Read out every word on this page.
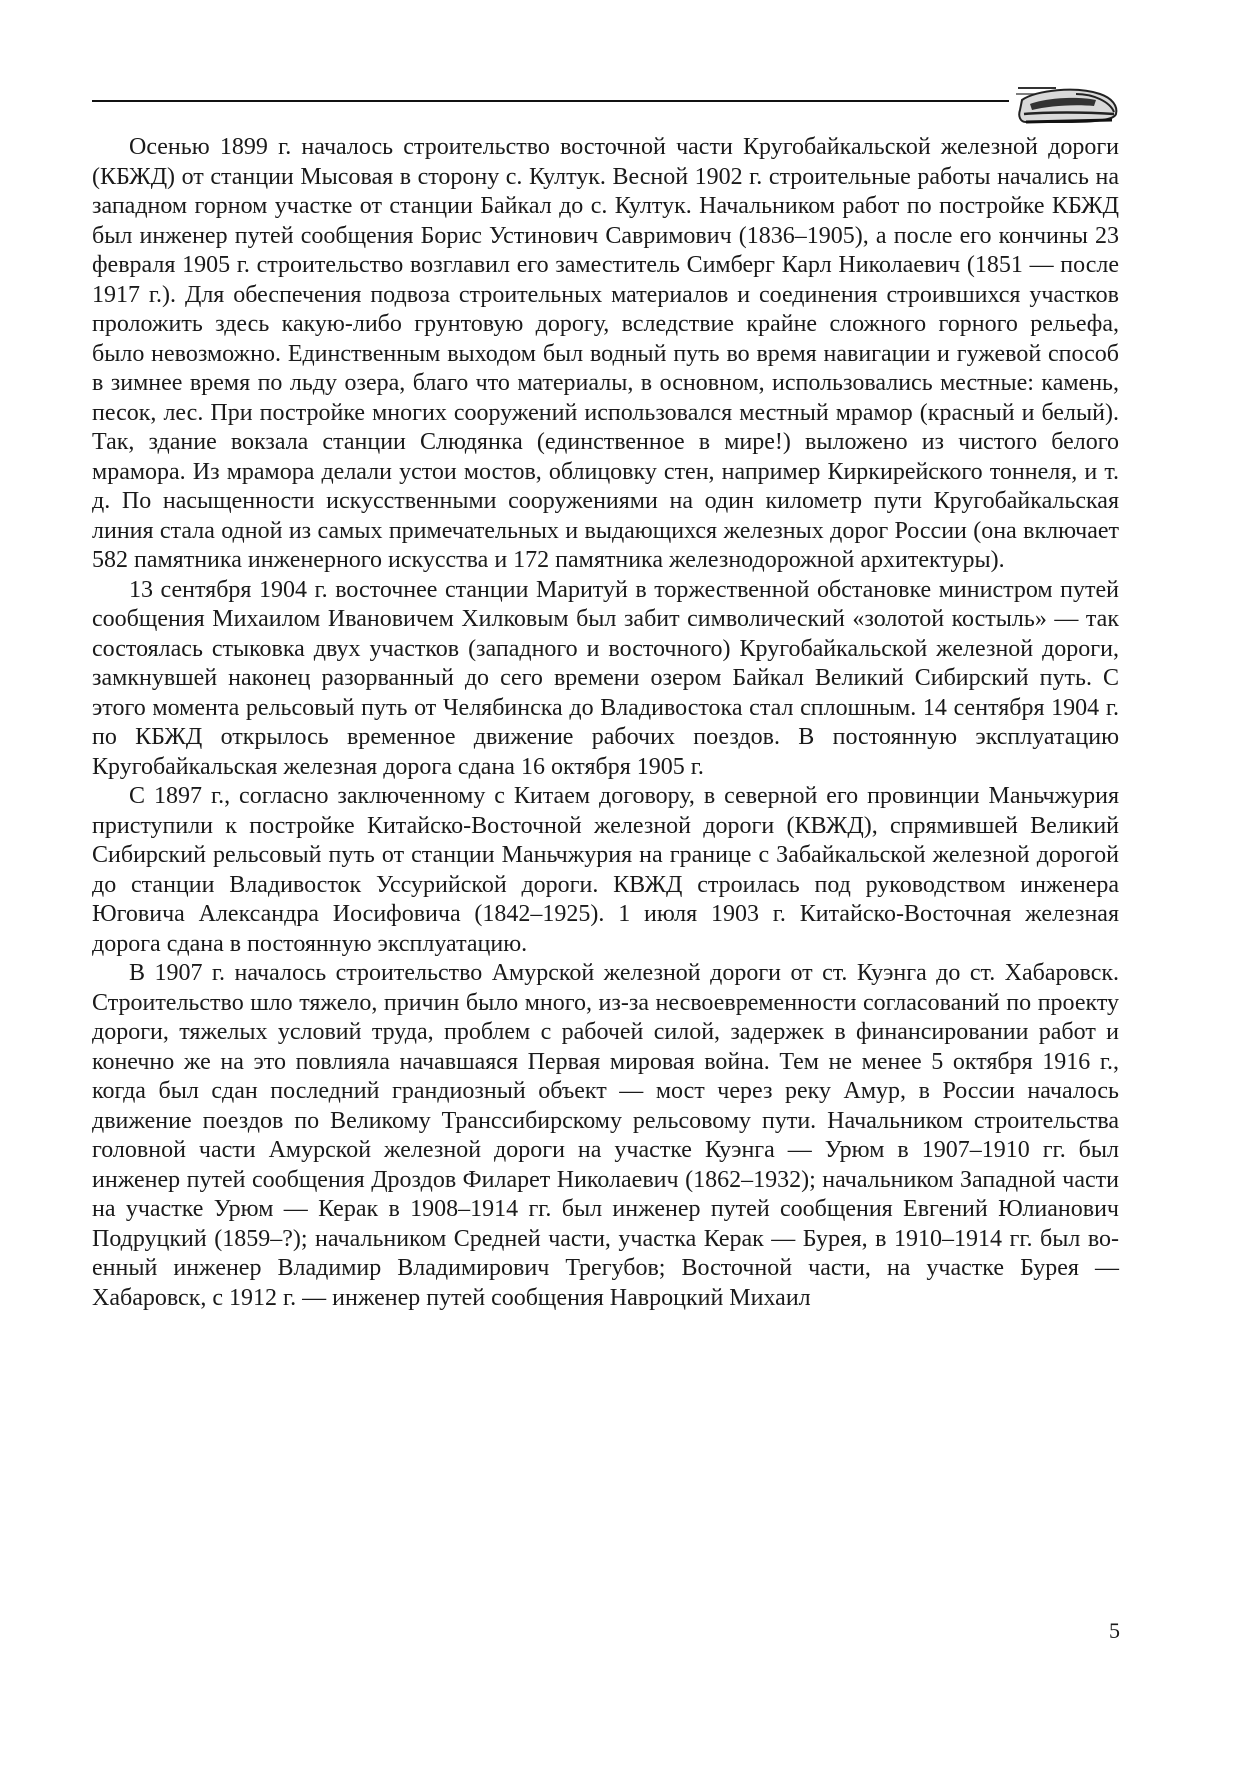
Осенью 1899 г. началось строительство восточной части Кругобайкальской железной дороги (КБЖД) от станции Мысовая в сторону с. Култук. Весной 1902 г. строительные работы начались на западном горном участке от станции Байкал до с. Култук. Начальником работ по постройке КБЖД был инженер путей сообщения Борис Устинович Савримович (1836–1905), а после его кончины 23 февраля 1905 г. строительство возглавил его заместитель Симберг Карл Николаевич (1851 — после 1917 г.). Для обеспечения подвоза строительных материалов и соединения строившихся участков проложить здесь какую-либо грунтовую дорогу, вследствие крайне сложного горного рельефа, было невозможно. Единственным выходом был водный путь во время навигации и гужевой способ в зимнее время по льду озера, благо что материалы, в основном, использовались местные: камень, песок, лес. При постройке многих сооружений использовался местный мрамор (красный и белый). Так, здание вокзала станции Слюдянка (единственное в мире!) выложено из чистого белого мрамора. Из мрамора делали устои мостов, облицовку стен, например Киркирейского тоннеля, и т. д. По насыщенности искусственными сооружениями на один километр пути Кругобайкальская линия стала одной из самых примечательных и выдающихся железных дорог России (она включает 582 памятника инженерного искусства и 172 памятника железнодорожной архитектуры).

13 сентября 1904 г. восточнее станции Маритуй в торжественной обстановке министром путей сообщения Михаилом Ивановичем Хилковым был забит символический «золотой костыль» — так состоялась стыковка двух участков (западного и восточного) Кругобайкальской железной дороги, замкнувшей наконец разорванный до сего времени озером Байкал Великий Сибирский путь. С этого момента рельсовый путь от Челябинска до Владивостока стал сплошным. 14 сентября 1904 г. по КБЖД открылось временное движение рабочих поездов. В постоянную эксплуатацию Кругобайкальская железная дорога сдана 16 октября 1905 г.

С 1897 г., согласно заключенному с Китаем договору, в северной его провинции Маньчжурия приступили к постройке Китайско-Восточной железной дороги (КВЖД), спрямившей Великий Сибирский рельсовый путь от станции Маньчжурия на границе с Забайкальской железной дорогой до станции Владивосток Уссурийской дороги. КВЖД строилась под руководством инженера Юговича Александра Иосифовича (1842–1925). 1 июля 1903 г. Китайско-Восточная железная дорога сдана в постоянную эксплуатацию.

В 1907 г. началось строительство Амурской железной дороги от ст. Куэнга до ст. Хабаровск. Строительство шло тяжело, причин было много, из-за несвоевременности согласований по проекту дороги, тяжелых условий труда, проблем с рабочей силой, задержек в финансировании работ и конечно же на это повлияла начавшаяся Первая мировая война. Тем не менее 5 октября 1916 г., когда был сдан последний грандиозный объект — мост через реку Амур, в России началось движение поездов по Великому Транссибирскому рельсовому пути. Начальником строительства головной части Амурской железной дороги на участке Куэнга — Урюм в 1907–1910 гг. был инженер путей сообщения Дроздов Филарет Николаевич (1862–1932); начальником Западной части на участке Урюм — Керак в 1908–1914 гг. был инженер путей сообщения Евгений Юлианович Подруцкий (1859–?); начальником Средней части, участка Керак — Бурея, в 1910–1914 гг. был военный инженер Владимир Владимирович Трегубов; Восточной части, на участке Бурея — Хабаровск, с 1912 г. — инженер путей сообщения Навроцкий Михаил

5
